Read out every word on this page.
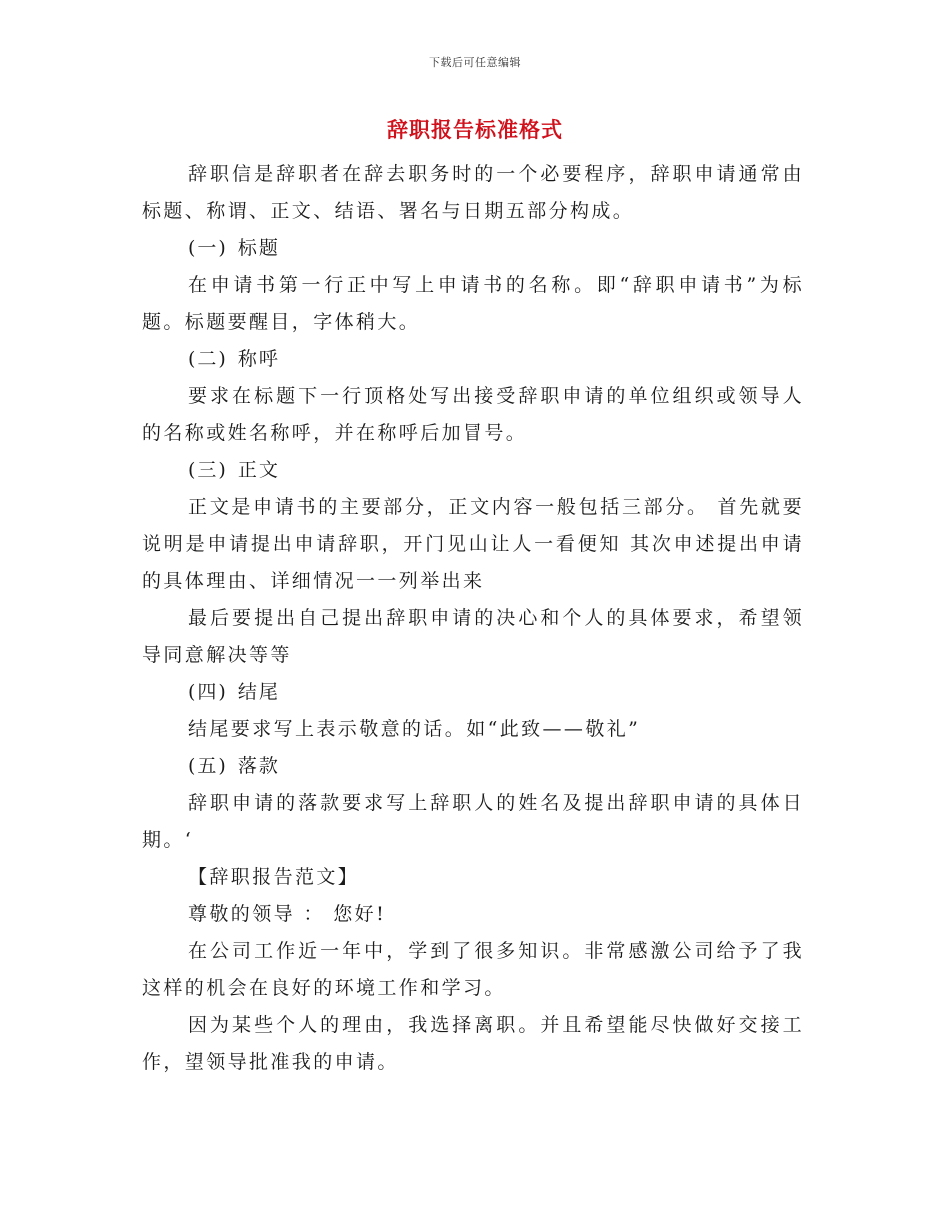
下载后可任意编辑
辞职报告标准格式

辞职信是辞职者在辞去职务时的一个必要程序，辞职申请通常由标题、称谓、正文、结语、署名与日期五部分构成。

(一) 标题

在申请书第一行正中写上申请书的名称。即“辞职申请书”为标题。标题要醒目，字体稍大。

(二) 称呼

要求在标题下一行顶格处写出接受辞职申请的单位组织或领导人的名称或姓名称呼，并在称呼后加冒号。

(三) 正文

正文是申请书的主要部分，正文内容一般包括三部分。 首先就要说明是申请提出申请辞职，开门见山让人一看便知 其次申述提出申请的具体理由、详细情况一一列举出来

最后要提出自己提出辞职申请的决心和个人的具体要求，希望领导同意解决等等

(四) 结尾

结尾要求写上表示敬意的话。如“此致——敬礼”

(五) 落款

辞职申请的落款要求写上辞职人的姓名及提出辞职申请的具体日期。‘

【辞职报告范文】

尊敬的领导 ： 您好!

在公司工作近一年中，学到了很多知识。非常感激公司给予了我这样的机会在良好的环境工作和学习。

因为某些个人的理由，我选择离职。并且希望能尽快做好交接工作，望领导批准我的申请。
